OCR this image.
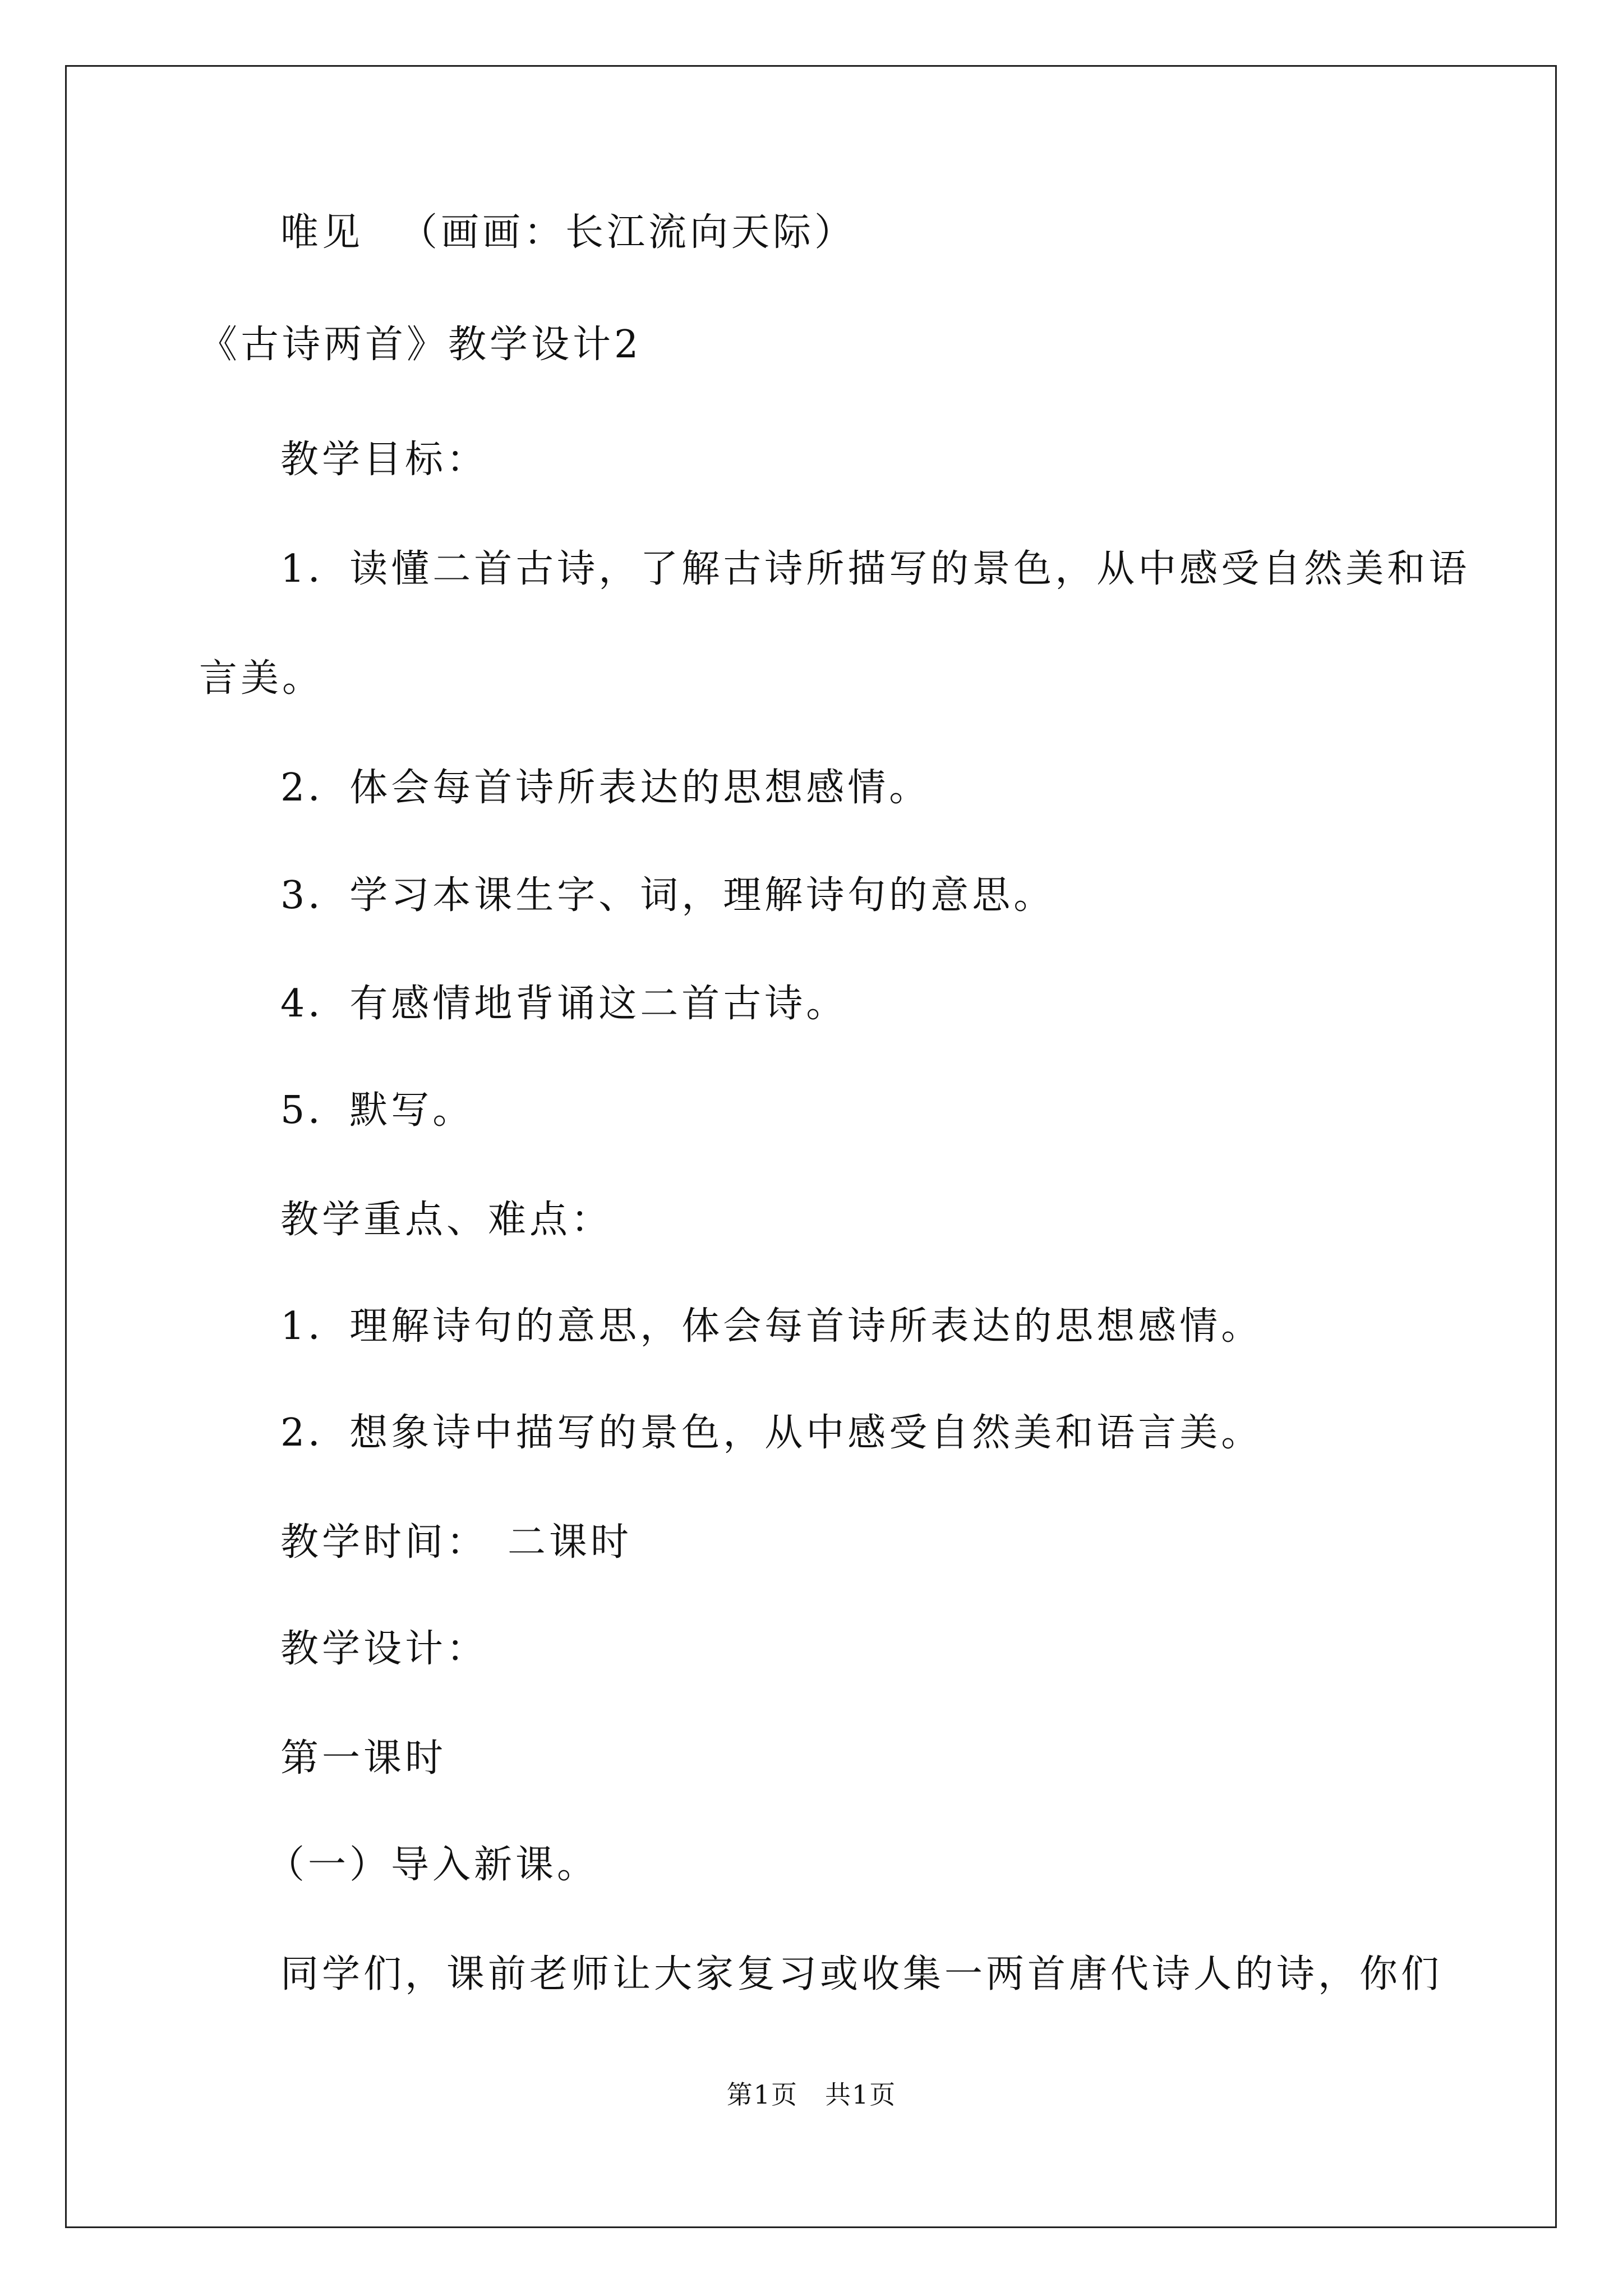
唯见 （画画：长江流向天际）
《古诗两首》教学设计2
教学目标：
1．读懂二首古诗，了解古诗所描写的景色，从中感受自然美和语
言美。
2．体会每首诗所表达的思想感情。
3．学习本课生字、词，理解诗句的意思。
4．有感情地背诵这二首古诗。
5．默写。
教学重点、难点：
1．理解诗句的意思，体会每首诗所表达的思想感情。
2．想象诗中描写的景色，从中感受自然美和语言美。
教学时间： 二课时
教学设计：
第一课时
（一）导入新课。
同学们，课前老师让大家复习或收集一两首唐代诗人的诗，你们
第1页　共1页
